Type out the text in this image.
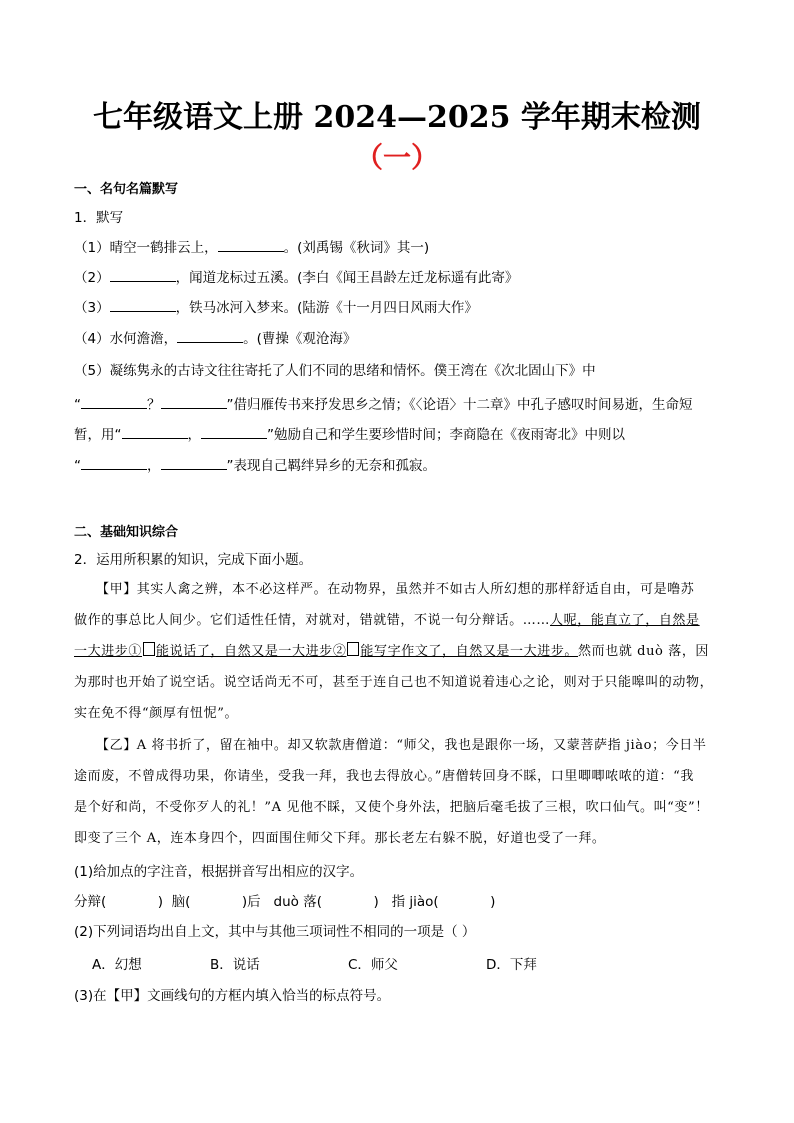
七年级语文上册 2024—2025 学年期末检测
（一）
一、名句名篇默写
1．默写
（1）晴空一鹤排云上，	。(刘禹锡《秋词》其一)
（2）	，闻道龙标过五溪。(李白《闻王昌龄左迁龙标遥有此寄》
（3）	，铁马冰河入梦来。(陆游《十一月四日风雨大作》
（4）水何澹澹，	。(曹操《观沧海》
（5）凝练隽永的古诗文往往寄托了人们不同的思绪和情怀。僕王湾在《次北固山下》中
“	？	”借归雁传书来抒发思乡之情；《〈论语〉十二章》中孔子感叹时间易逝，生命短
暂，用“	，	”勉励自己和学生要珍惜时间；李商隐在《夜雨寄北》中则以
“	，	”表现自己羁绊异乡的无奈和孤寂。
二、基础知识综合
2．运用所积累的知识，完成下面小题。
【甲】其实人禽之辨，本不必这样严。在动物界，虽然并不如古人所幻想的那样舒适自由，可是噜苏
做作的事总比人间少。它们适性任情，对就对，错就错，不说一句分辩话。……人呢，能直立了，自然是
一大进步① 能说话了，自然又是一大进步② 能写字作文了，自然又是一大进步。然而也就 duò 落，因
为那时也开始了说空话。说空话尚无不可，甚至于连自己也不知道说着违心之论，则对于只能嗥叫的动物，
实在免不得“颜厚有忸怩”。
【乙】A 将书折了，留在袖中。却又软款唐僧道：“师父，我也是跟你一场，又蒙菩萨指 jiào；今日半
途而废，不曾成得功果，你请坐，受我一拜，我也去得放心。”唐僧转回身不睬，口里唧唧哝哝的道：“我
是个好和尚，不受你歹人的礼！”A 见他不睬，又使个身外法，把脑后毫毛拔了三根，吹口仙气。叫“变”！
即变了三个 A，连本身四个，四面围住师父下拜。那长老左右躲不脱，好道也受了一拜。
(1)给加点的字注音，根据拼音写出相应的汉字。
分辩(            )  脑(            )后   duò 落(            )   指 jiào(            )
(2)下列词语均出自上文，其中与其他三项词性不相同的一项是（ ）
A．幻想	B．说话	C．师父	D．下拜
(3)在【甲】文画线句的方框内填入恰当的标点符号。
